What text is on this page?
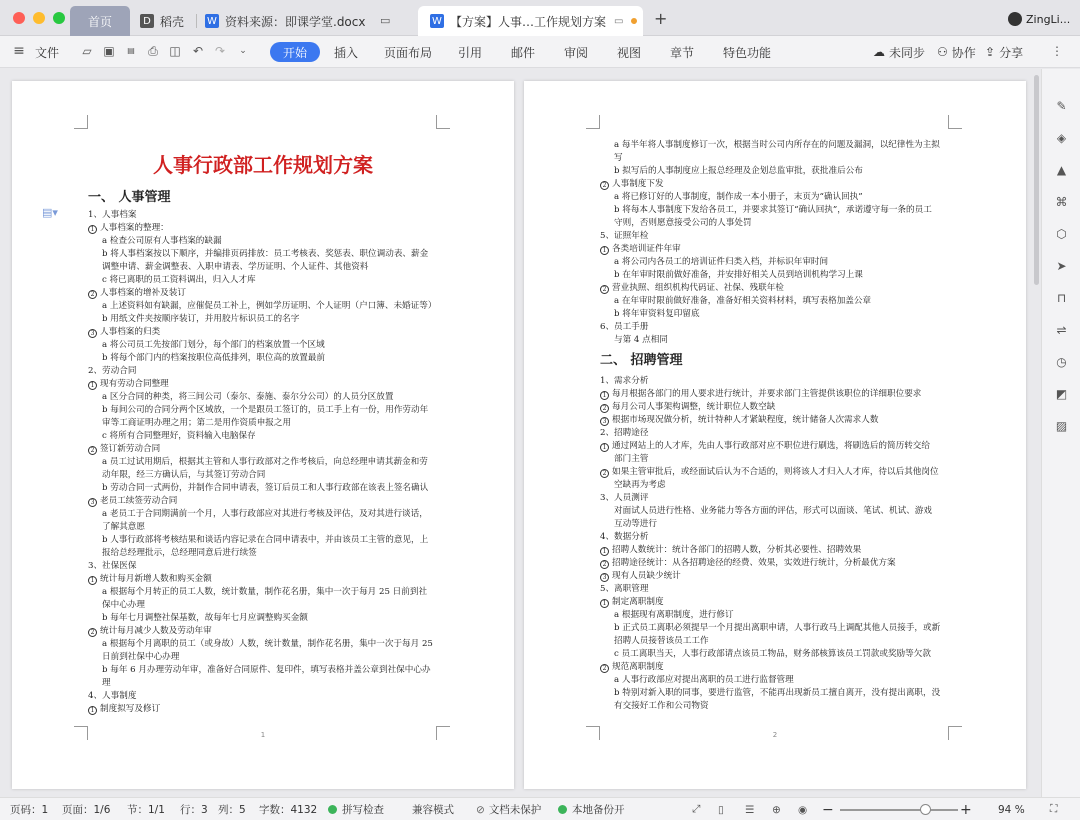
首页	D 稻壳 W 资料来源：即课学堂.docx ▭	W 【方案】人事…工作规划方案 ▭ +	ZingLi...
≡ 文件 ▱ ▣	▤ ⎙ ◫ ↶ ↷	⌄	开始 插入 页面布局 引用 邮件 审阅 视图 章节 特色功能	☁ 未同步 ⚇ 协作 ⇪ 分享 ⋮
人事行政部工作规划方案
▤▾
一、 人事管理
1、人事档案
1 人事档案的整理：
a 检查公司原有人事档案的缺漏
b 将人事档案按以下顺序，并编排页码排放：员工考核表、奖惩表、职位调动表、薪金
调整申请、薪金调整表、入职申请表、学历证明、个人证件、其他资料
c 将已离职的员工资料调出，归入人才库
2 人事档案的增补及装订
a 上述资料如有缺漏，应催促员工补上，例如学历证明、个人证明（户口簿、未婚证等）
b 用纸文件夹按顺序装订，并用胶片标识员工的名字
3 人事档案的归类
a 将公司员工先按部门划分，每个部门的档案放置一个区域
b 将每个部门内的档案按职位高低排列，职位高的放置最前
2、劳动合同
1 现有劳动合同整理
a 区分合同的种类，将三间公司（泰尔、泰施、泰尔分公司）的人员分区放置
b 每间公司的合同分两个区域放，一个是跟员工签订的，员工手上有一份，用作劳动年
审等工商证明办理之用；第二是用作资质申报之用
c 将所有合同整理好，资料输入电脑保存
2 签订新劳动合同
a 员工过试用期后，根据其主管和人事行政部对之作考核后，向总经理申请其薪金和劳
动年限，经三方确认后，与其签订劳动合同
b 劳动合同一式两份，并制作合同申请表，签订后员工和人事行政部在该表上签名确认
3 老员工续签劳动合同
a 老员工于合同期满前一个月，人事行政部应对其进行考核及评估，及对其进行谈话，
了解其意愿
b 人事行政部将考核结果和谈话内容记录在合同申请表中，并由该员工主管的意见，上
报给总经理批示，总经理同意后进行续签
3、社保医保
1 统计每月新增人数和购买金额
a 根据每个月转正的员工人数，统计数量，制作花名册，集中一次于每月 25 日前到社
保中心办理
b 每年七月调整社保基数，故每年七月应调整购买金额
2 统计每月减少人数及劳动年审
a 根据每个月离职的员工（或身故）人数，统计数量，制作花名册，集中一次于每月 25
日前到社保中心办理
b 每年 6 月办理劳动年审，准备好合同原件、复印件，填写表格并盖公章到社保中心办
理
4、人事制度
1 制度拟写及修订
1
a 每半年将人事制度修订一次，根据当时公司内所存在的问题及漏洞，以纪律性为主拟
写
b 拟写后的人事制度应上报总经理及企划总监审批，获批准后公布
2 人事制度下发
a 将已修订好的人事制度，制作成一本小册子，末页为“确认回执”
b 将每本人事制度下发给各员工，并要求其签订“确认回执”，承诺遵守每一条的员工
守则，否则愿意接受公司的人事处罚
5、证照年检
1 各类培训证件年审
a 将公司内各员工的培训证件归类入档，并标识年审时间
b 在年审时限前做好准备，并安排好相关人员到培训机构学习上课
2 营业执照、组织机构代码证、社保、残联年检
a 在年审时限前做好准备，准备好相关资料材料，填写表格加盖公章
b 将年审资料复印留底
6、员工手册
与第 4 点相同
二、 招聘管理
1、需求分析
1 每月根据各部门的用人要求进行统计，并要求部门主管提供该职位的详细职位要求
2 每月公司人事架构调整，统计职位人数空缺
3 根据市场现况做分析，统计特种人才紧缺程度，统计储备人次需求人数
2、招聘途径
1 通过网站上的人才库，先由人事行政部对应不职位进行刷选，将刷选后的简历转交给
部门主管
2 如果主管审批后，或经面试后认为不合适的，则将该人才归入人才库，待以后其他岗位
空缺再为考虑
3、人员测评
对面试人员进行性格、业务能力等各方面的评估，形式可以面谈、笔试、机试、游戏
互动等进行
4、数据分析
1 招聘人数统计：统计各部门的招聘人数，分析其必要性、招聘效果
2 招聘途径统计：从各招聘途径的经费、效果，实效进行统计，分析最优方案
3 现有人员缺少统计
5、离职管理
1 制定离职制度
a 根据现有离职制度，进行修订
b 正式员工离职必须提早一个月提出离职申请，人事行政马上调配其他人员接手，或新
招聘人员接替该员工工作
c 员工离职当天，人事行政部请点该员工物品，财务部核算该员工罚款或奖励等欠款
2 规范离职制度
a 人事行政部应对提出离职的员工进行监督管理
b 特别对新入职的同事，要进行监管，不能再出现新员工擅自离开，没有提出离职，没
有交接好工作和公司物资
2
✎
◈
▲
⌘
⬡
➤
⊓
⇌
◷
◩
▨
页码：1 页面：1/6 节：1/1 行：3 列：5 字数：4132 拼写检查	兼容模式 ⊘ 文档未保护	本地备份开	⤢ ▯ ☰ ⊕ ◉ −	+	94 % ⛶
